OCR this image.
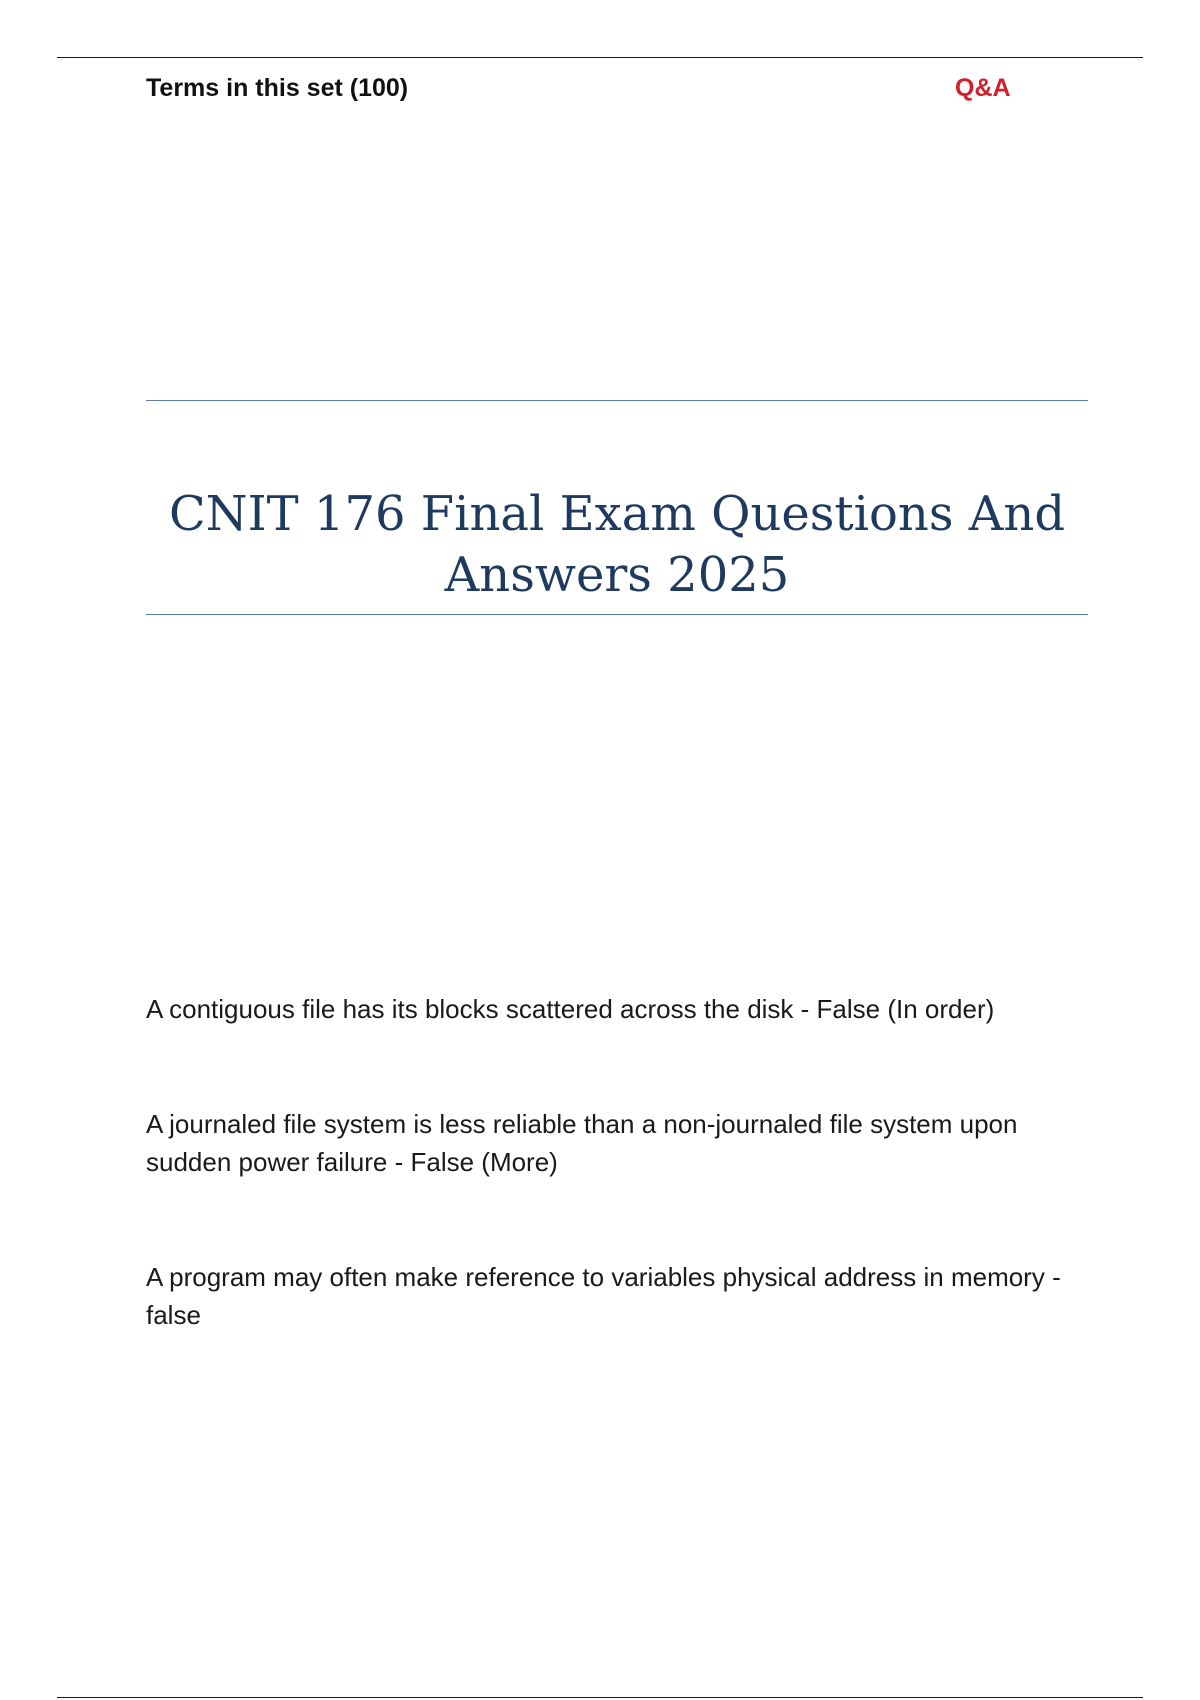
Terms in this set (100)	Q&A
CNIT 176 Final Exam Questions And Answers 2025
A contiguous file has its blocks scattered across the disk - False (In order)
A journaled file system is less reliable than a non-journaled file system upon sudden power failure - False (More)
A program may often make reference to variables physical address in memory - false
